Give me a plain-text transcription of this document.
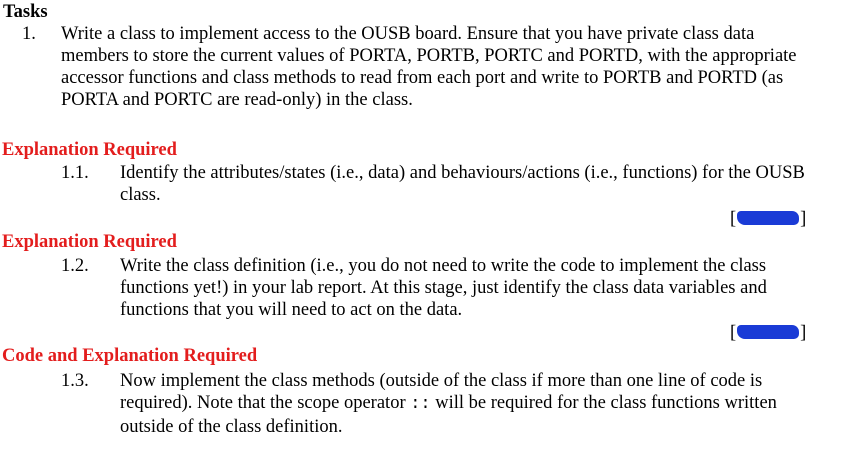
Tasks
1. Write a class to implement access to the OUSB board. Ensure that you have private class data members to store the current values of PORTA, PORTB, PORTC and PORTD, with the appropriate accessor functions and class methods to read from each port and write to PORTB and PORTD (as PORTA and PORTC are read-only) in the class.
Explanation Required
1.1. Identify the attributes/states (i.e., data) and behaviours/actions (i.e., functions) for the OUSB class.
[	]
Explanation Required
1.2. Write the class definition (i.e., you do not need to write the code to implement the class functions yet!) in your lab report. At this stage, just identify the class data variables and functions that you will need to act on the data.
[	]
Code and Explanation Required
1.3. Now implement the class methods (outside of the class if more than one line of code is required). Note that the scope operator :: will be required for the class functions written outside of the class definition.
